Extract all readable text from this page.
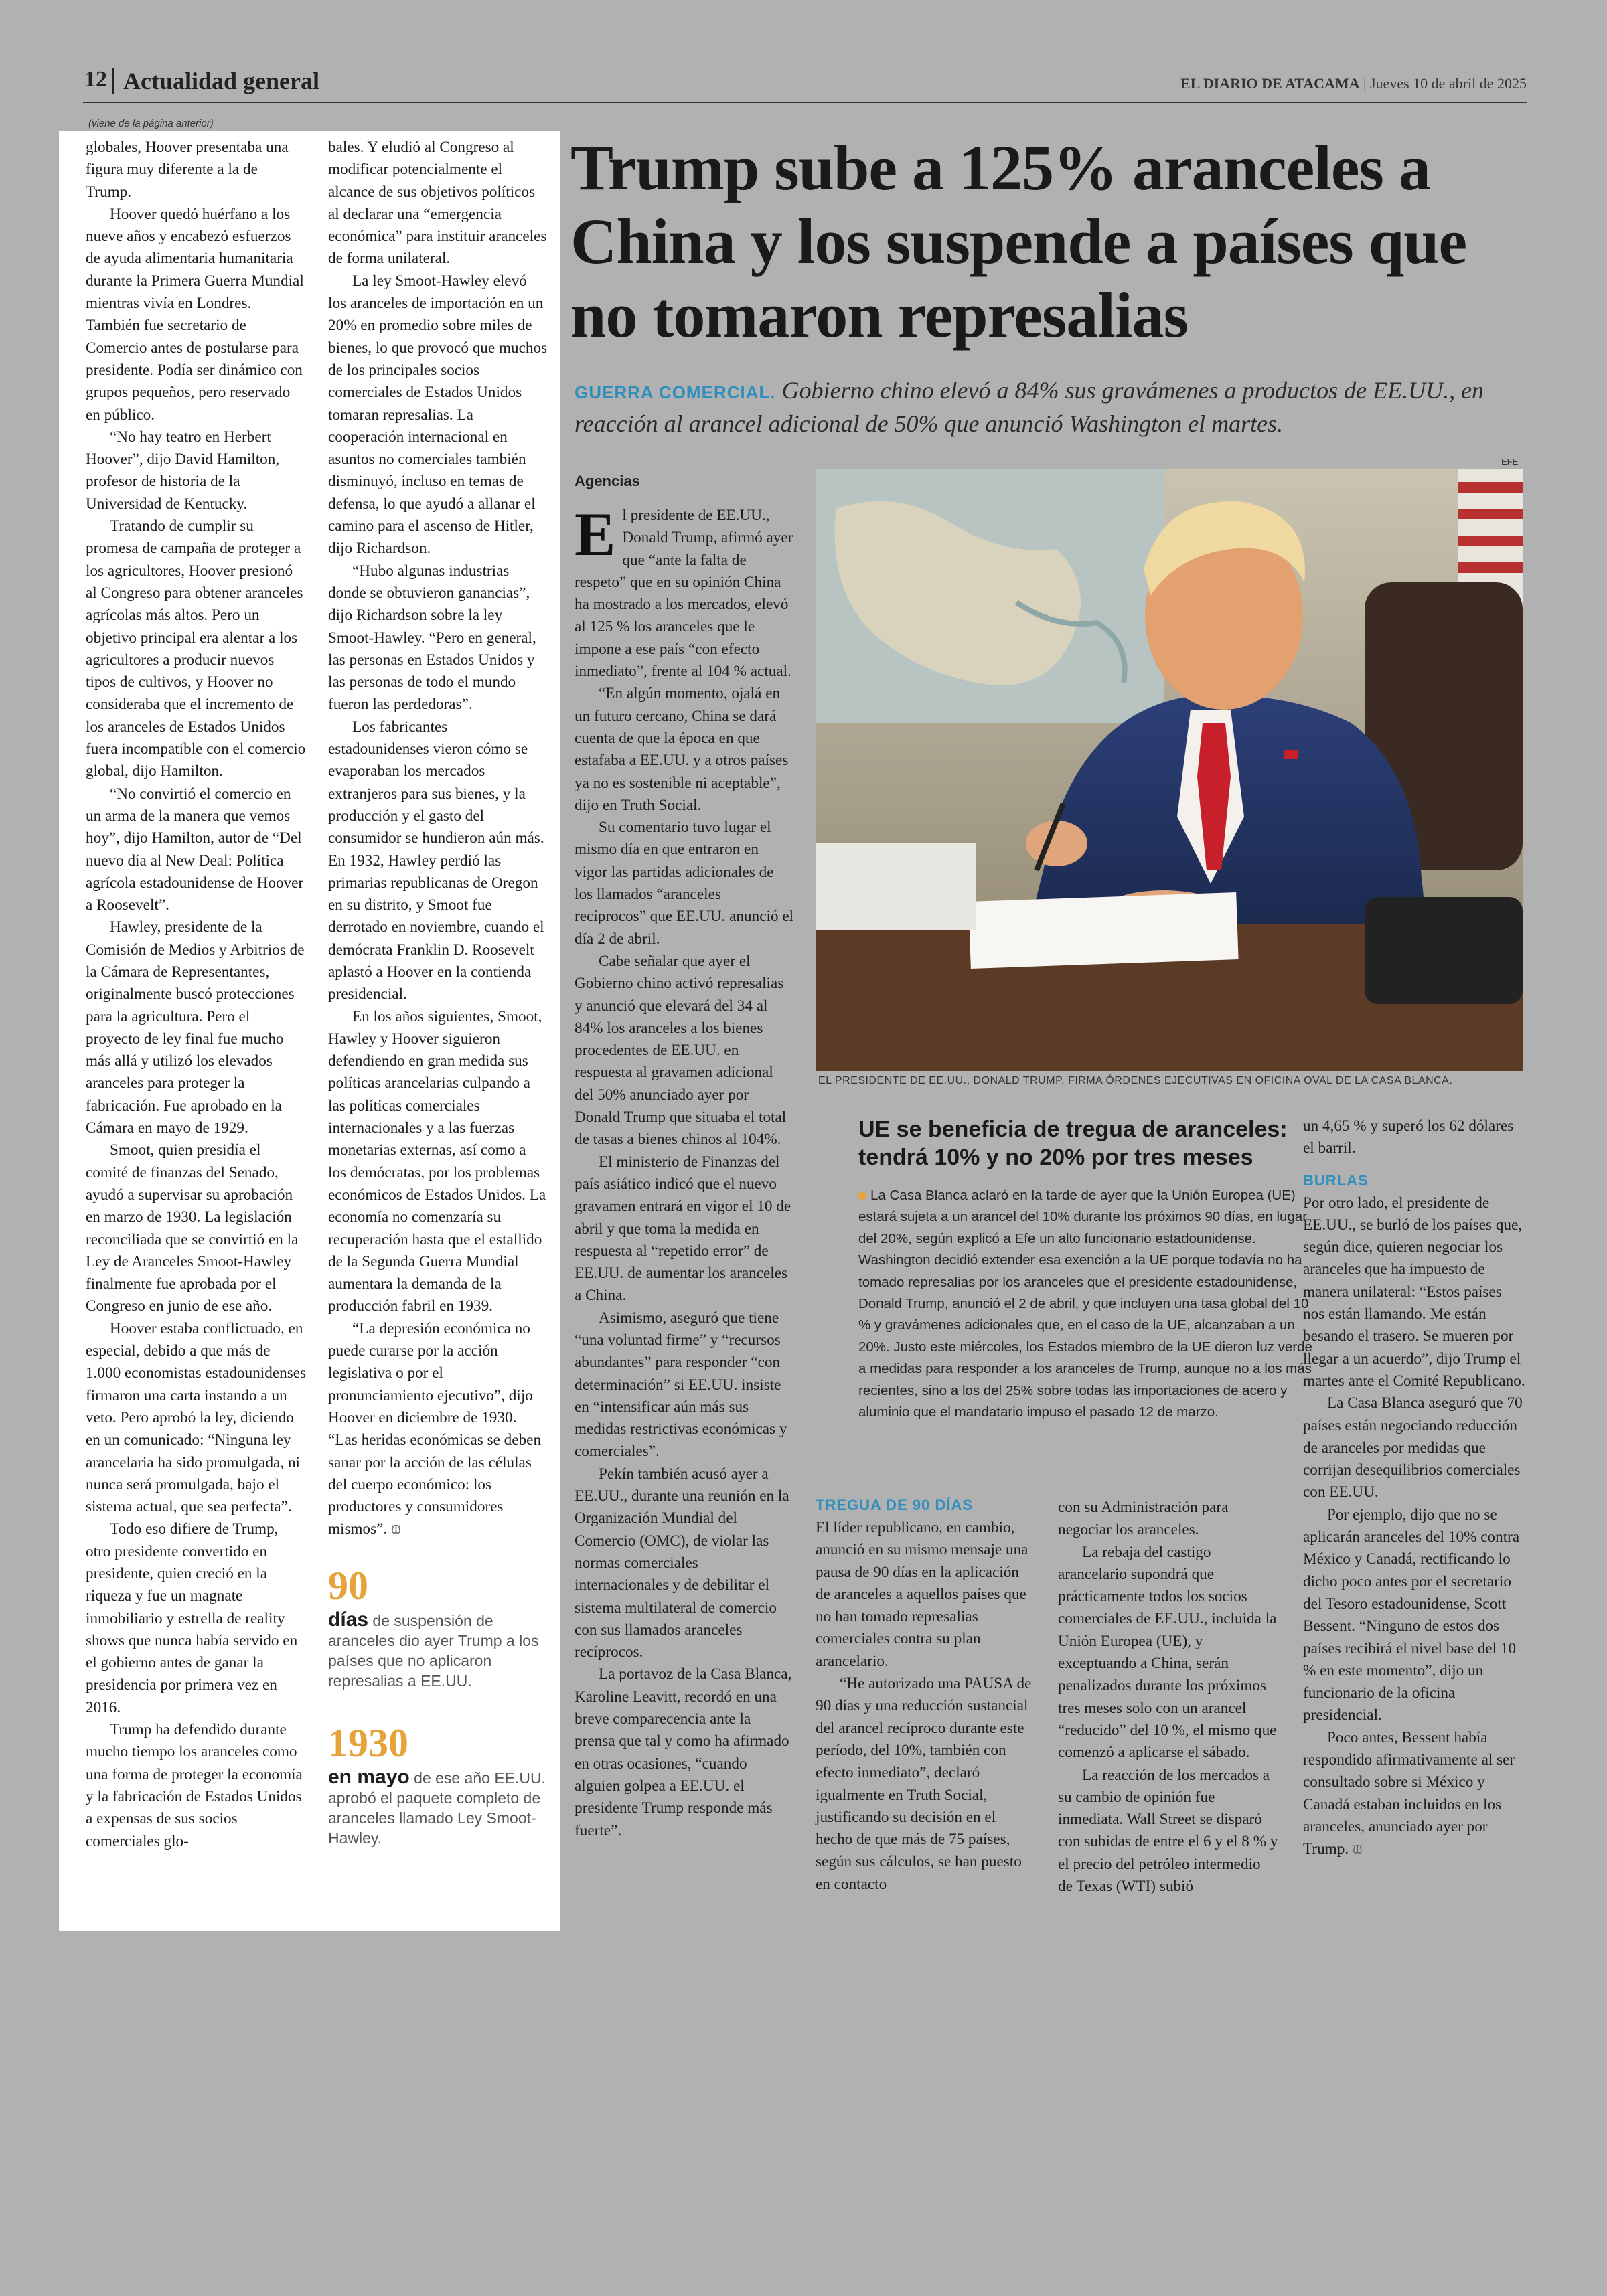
12 Actualidad general	EL DIARIO DE ATACAMA | Jueves 10 de abril de 2025
(viene de la página anterior)

globales, Hoover presentaba una figura muy diferente a la de Trump.

Hoover quedó huérfano a los nueve años y encabezó esfuerzos de ayuda alimentaria humanitaria durante la Primera Guerra Mundial mientras vivía en Londres. También fue secretario de Comercio antes de postularse para presidente. Podía ser dinámico con grupos pequeños, pero reservado en público.

“No hay teatro en Herbert Hoover”, dijo David Hamilton, profesor de historia de la Universidad de Kentucky.

Tratando de cumplir su promesa de campaña de proteger a los agricultores, Hoover presionó al Congreso para obtener aranceles agrícolas más altos. Pero un objetivo principal era alentar a los agricultores a producir nuevos tipos de cultivos, y Hoover no consideraba que el incremento de los aranceles de Estados Unidos fuera incompatible con el comercio global, dijo Hamilton.

“No convirtió el comercio en un arma de la manera que vemos hoy”, dijo Hamilton, autor de “Del nuevo día al New Deal: Política agrícola estadounidense de Hoover a Roosevelt”.

Hawley, presidente de la Comisión de Medios y Arbitrios de la Cámara de Representantes, originalmente buscó protecciones para la agricultura. Pero el proyecto de ley final fue mucho más allá y utilizó los elevados aranceles para proteger la fabricación. Fue aprobado en la Cámara en mayo de 1929.

Smoot, quien presidía el comité de finanzas del Senado, ayudó a supervisar su aprobación en marzo de 1930. La legislación reconciliada que se convirtió en la Ley de Aranceles Smoot-Hawley finalmente fue aprobada por el Congreso en junio de ese año.

Hoover estaba conflictuado, en especial, debido a que más de 1.000 economistas estadounidenses firmaron una carta instando a un veto. Pero aprobó la ley, diciendo en un comunicado: “Ninguna ley arancelaria ha sido promulgada, ni nunca será promulgada, bajo el sistema actual, que sea perfecta”.

Todo eso difiere de Trump, otro presidente convertido en presidente, quien creció en la riqueza y fue un magnate inmobiliario y estrella de reality shows que nunca había servido en el gobierno antes de ganar la presidencia por primera vez en 2016.

Trump ha defendido durante mucho tiempo los aranceles como una forma de proteger la economía y la fabricación de Estados Unidos a expensas de sus socios comerciales glo-

bales. Y eludió al Congreso al modificar potencialmente el alcance de sus objetivos políticos al declarar una “emergencia económica” para instituir aranceles de forma unilateral.

La ley Smoot-Hawley elevó los aranceles de importación en un 20% en promedio sobre miles de bienes, lo que provocó que muchos de los principales socios comerciales de Estados Unidos tomaran represalias. La cooperación internacional en asuntos no comerciales también disminuyó, incluso en temas de defensa, lo que ayudó a allanar el camino para el ascenso de Hitler, dijo Richardson.

“Hubo algunas industrias donde se obtuvieron ganancias”, dijo Richardson sobre la ley Smoot-Hawley. “Pero en general, las personas en Estados Unidos y las personas de todo el mundo fueron las perdedoras”.

Los fabricantes estadounidenses vieron cómo se evaporaban los mercados extranjeros para sus bienes, y la producción y el gasto del consumidor se hundieron aún más. En 1932, Hawley perdió las primarias republicanas de Oregon en su distrito, y Smoot fue derrotado en noviembre, cuando el demócrata Franklin D. Roosevelt aplastó a Hoover en la contienda presidencial.

En los años siguientes, Smoot, Hawley y Hoover siguieron defendiendo en gran medida sus políticas arancelarias culpando a las políticas comerciales internacionales y a las fuerzas monetarias externas, así como a los demócratas, por los problemas económicos de Estados Unidos. La economía no comenzaría su recuperación hasta que el estallido de la Segunda Guerra Mundial aumentara la demanda de la producción fabril en 1939.

“La depresión económica no puede curarse por la acción legislativa o por el pronunciamiento ejecutivo”, dijo Hoover en diciembre de 1930. “Las heridas económicas se deben sanar por la acción de las células del cuerpo económico: los productores y consumidores mismos”. ᙡ

90
días de suspensión de aranceles dio ayer Trump a los países que no aplicaron represalias a EE.UU.
1930
en mayo de ese año EE.UU. aprobó el paquete completo de aranceles llamado Ley Smoot-Hawley.
Trump sube a 125% aranceles a China y los suspende a países que no tomaron represalias
GUERRA COMERCIAL. Gobierno chino elevó a 84% sus gravámenes a productos de EE.UU., en reacción al arancel adicional de 50% que anunció Washington el martes.
EFE
EL PRESIDENTE DE EE.UU., DONALD TRUMP, FIRMA ÓRDENES EJECUTIVAS EN OFICINA OVAL DE LA CASA BLANCA.
Agencias

El presidente de EE.UU., Donald Trump, afirmó ayer que “ante la falta de respeto” que en su opinión China ha mostrado a los mercados, elevó al 125 % los aranceles que le impone a ese país “con efecto inmediato”, frente al 104 % actual.

“En algún momento, ojalá en un futuro cercano, China se dará cuenta de que la época en que estafaba a EE.UU. y a otros países ya no es sostenible ni aceptable”, dijo en Truth Social.

Su comentario tuvo lugar el mismo día en que entraron en vigor las partidas adicionales de los llamados “aranceles recíprocos” que EE.UU. anunció el día 2 de abril.

Cabe señalar que ayer el Gobierno chino activó represalias y anunció que elevará del 34 al 84% los aranceles a los bienes procedentes de EE.UU. en respuesta al gravamen adicional del 50% anunciado ayer por Donald Trump que situaba el total de tasas a bienes chinos al 104%.

El ministerio de Finanzas del país asiático indicó que el nuevo gravamen entrará en vigor el 10 de abril y que toma la medida en respuesta al “repetido error” de EE.UU. de aumentar los aranceles a China.

Asimismo, aseguró que tiene “una voluntad firme” y “recursos abundantes” para responder “con determinación” si EE.UU. insiste en “intensificar aún más sus medidas restrictivas económicas y comerciales”.

Pekín también acusó ayer a EE.UU., durante una reunión en la Organización Mundial del Comercio (OMC), de violar las normas comerciales internacionales y de debilitar el sistema multilateral de comercio con sus llamados aranceles recíprocos.

La portavoz de la Casa Blanca, Karoline Leavitt, recordó en una breve comparecencia ante la prensa que tal y como ha afirmado en otras ocasiones, “cuando alguien golpea a EE.UU. el presidente Trump responde más fuerte”.

UE se beneficia de tregua de aranceles: tendrá 10% y no 20% por tres meses
La Casa Blanca aclaró en la tarde de ayer que la Unión Europea (UE) estará sujeta a un arancel del 10% durante los próximos 90 días, en lugar del 20%, según explicó a Efe un alto funcionario estadounidense. Washington decidió extender esa exención a la UE porque todavía no ha tomado represalias por los aranceles que el presidente estadounidense, Donald Trump, anunció el 2 de abril, y que incluyen una tasa global del 10 % y gravámenes adicionales que, en el caso de la UE, alcanzaban a un 20%. Justo este miércoles, los Estados miembro de la UE dieron luz verde a medidas para responder a los aranceles de Trump, aunque no a los más recientes, sino a los del 25% sobre todas las importaciones de acero y aluminio que el mandatario impuso el pasado 12 de marzo.
TREGUA DE 90 DÍAS

El líder republicano, en cambio, anunció en su mismo mensaje una pausa de 90 días en la aplicación de aranceles a aquellos países que no han tomado represalias comerciales contra su plan arancelario.

“He autorizado una PAUSA de 90 días y una reducción sustancial del arancel recíproco durante este período, del 10%, también con efecto inmediato”, declaró igualmente en Truth Social, justificando su decisión en el hecho de que más de 75 países, según sus cálculos, se han puesto en contacto

con su Administración para negociar los aranceles.

La rebaja del castigo arancelario supondrá que prácticamente todos los socios comerciales de EE.UU., incluida la Unión Europea (UE), y exceptuando a China, serán penalizados durante los próximos tres meses solo con un arancel “reducido” del 10 %, el mismo que comenzó a aplicarse el sábado.

La reacción de los mercados a su cambio de opinión fue inmediata. Wall Street se disparó con subidas de entre el 6 y el 8 % y el precio del petróleo intermedio de Texas (WTI) subió

un 4,65 % y superó los 62 dólares el barril.

BURLAS

Por otro lado, el presidente de EE.UU., se burló de los países que, según dice, quieren negociar los aranceles que ha impuesto de manera unilateral: “Estos países nos están llamando. Me están besando el trasero. Se mueren por llegar a un acuerdo”, dijo Trump el martes ante el Comité Republicano.

La Casa Blanca aseguró que 70 países están negociando reducción de aranceles por medidas que corrijan desequilibrios comerciales con EE.UU.

Por ejemplo, dijo que no se aplicarán aranceles del 10% contra México y Canadá, rectificando lo dicho poco antes por el secretario del Tesoro estadounidense, Scott Bessent. “Ninguno de estos dos países recibirá el nivel base del 10 % en este momento”, dijo un funcionario de la oficina presidencial.

Poco antes, Bessent había respondido afirmativamente al ser consultado sobre si México y Canadá estaban incluidos en los aranceles, anunciado ayer por Trump. ᙡ
